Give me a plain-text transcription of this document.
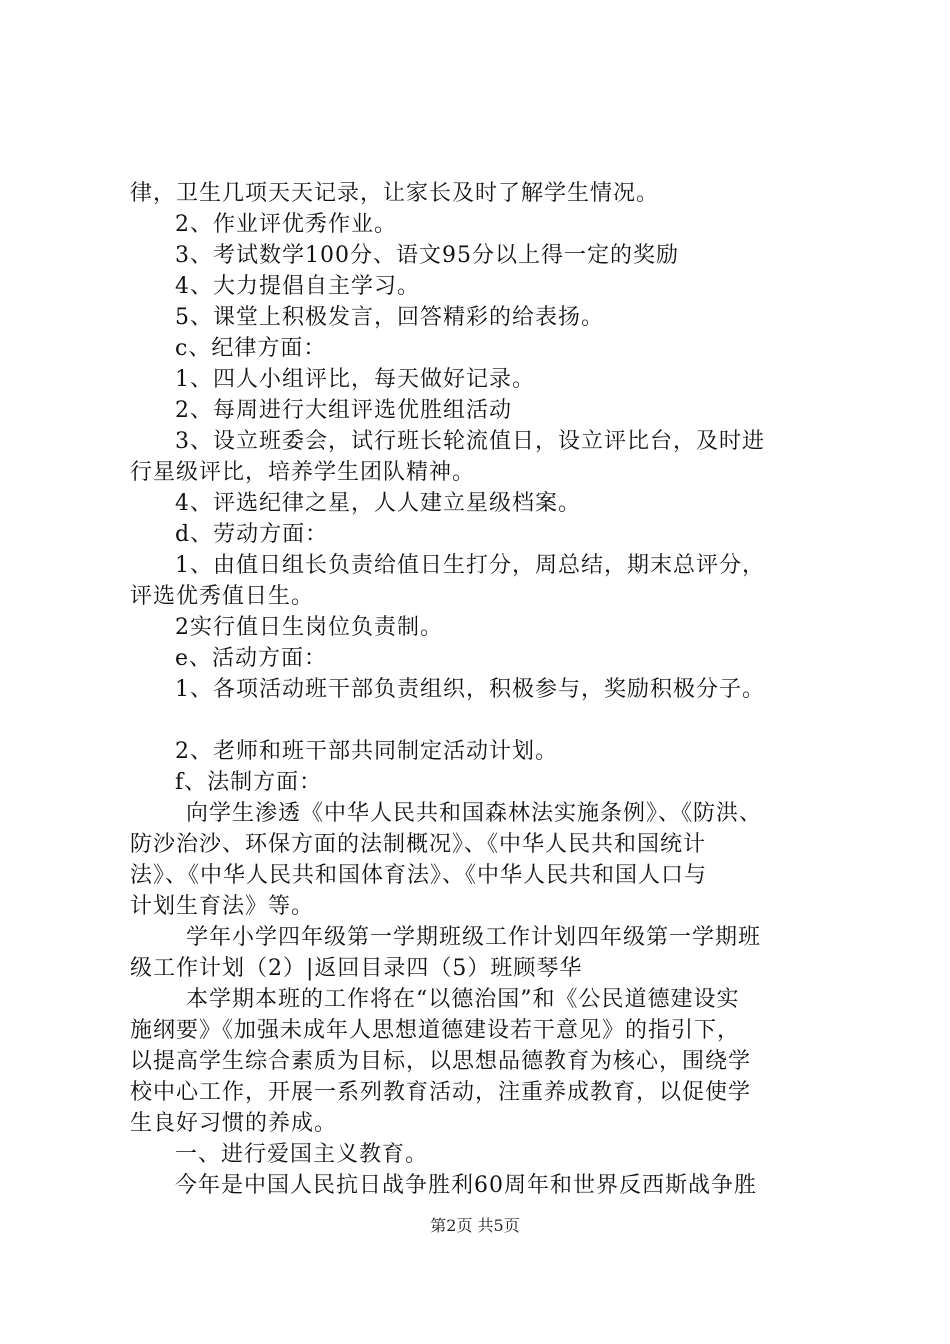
律，卫生几项天天记录，让家长及时了解学生情况。
2、作业评优秀作业。
3、考试数学100分、语文95分以上得一定的奖励
4、大力提倡自主学习。
5、课堂上积极发言，回答精彩的给表扬。
c、纪律方面：
1、四人小组评比，每天做好记录。
2、每周进行大组评选优胜组活动
3、设立班委会，试行班长轮流值日，设立评比台，及时进
行星级评比，培养学生团队精神。
4、评选纪律之星，人人建立星级档案。
d、劳动方面：
1、由值日组长负责给值日生打分，周总结，期末总评分，
评选优秀值日生。
2实行值日生岗位负责制。
e、活动方面：
1、各项活动班干部负责组织，积极参与，奖励积极分子。
2、老师和班干部共同制定活动计划。
f、法制方面：
向学生渗透《中华人民共和国森林法实施条例》、《防洪、
防沙治沙、环保方面的法制概况》、《中华人民共和国统计
法》、《中华人民共和国体育法》、《中华人民共和国人口与
计划生育法》等。
学年小学四年级第一学期班级工作计划四年级第一学期班
级工作计划（2）|返回目录四（5）班顾琴华
本学期本班的工作将在“以德治国”和《公民道德建设实
施纲要》《加强未成年人思想道德建设若干意见》的指引下，
以提高学生综合素质为目标，以思想品德教育为核心，围绕学
校中心工作，开展一系列教育活动，注重养成教育，以促使学
生良好习惯的养成。
一、进行爱国主义教育。
今年是中国人民抗日战争胜利60周年和世界反西斯战争胜
第2页 共5页
